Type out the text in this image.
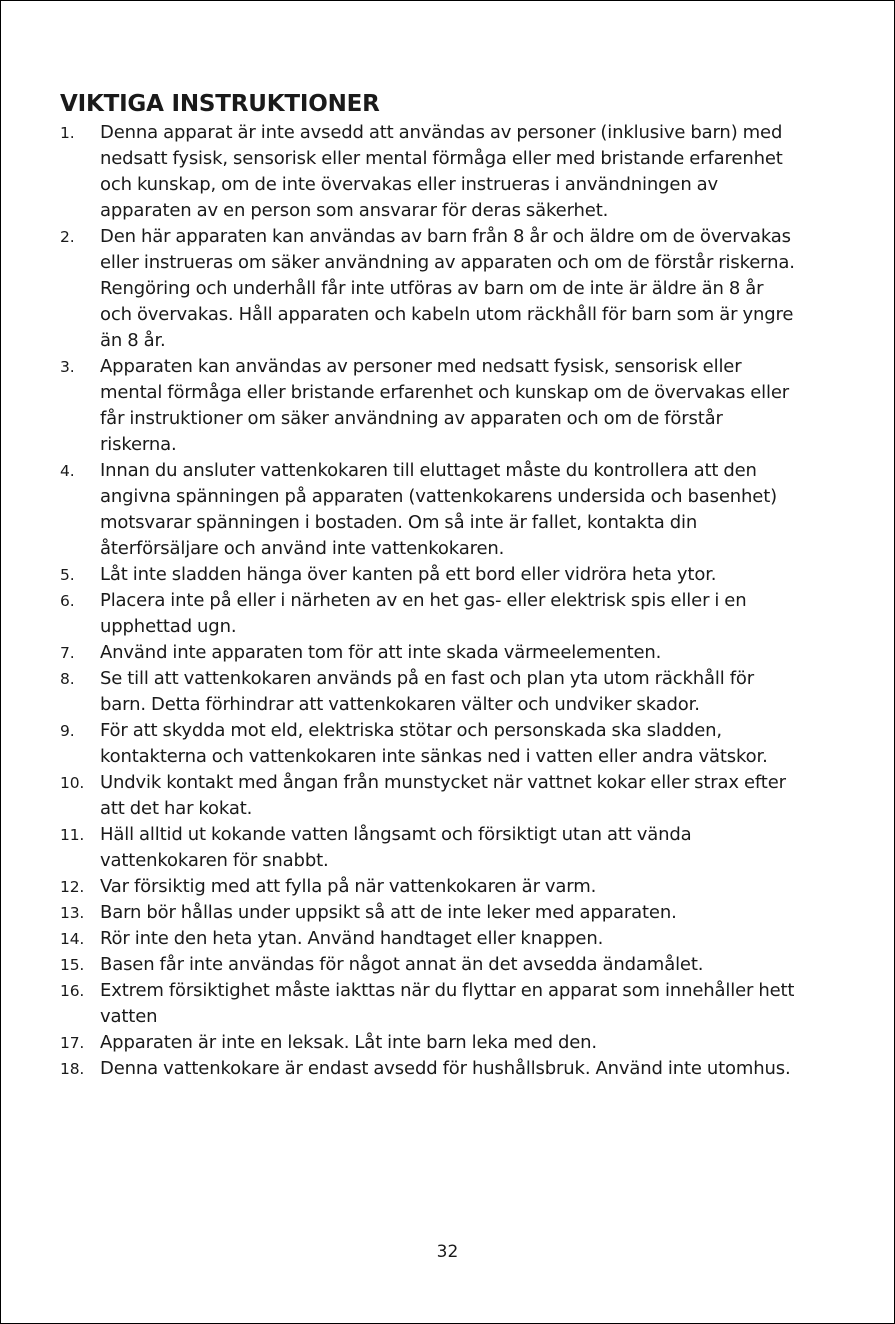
VIKTIGA INSTRUKTIONER
1.	Denna apparat är inte avsedd att användas av personer (inklusive barn) med nedsatt fysisk, sensorisk eller mental förmåga eller med bristande erfarenhet och kunskap, om de inte övervakas eller instrueras i användningen av apparaten av en person som ansvarar för deras säkerhet.
2.	Den här apparaten kan användas av barn från 8 år och äldre om de övervakas eller instrueras om säker användning av apparaten och om de förstår riskerna. Rengöring och underhåll får inte utföras av barn om de inte är äldre än 8 år och övervakas. Håll apparaten och kabeln utom räckhåll för barn som är yngre än 8 år.
3.	Apparaten kan användas av personer med nedsatt fysisk, sensorisk eller mental förmåga eller bristande erfarenhet och kunskap om de övervakas eller får instruktioner om säker användning av apparaten och om de förstår riskerna.
4.	Innan du ansluter vattenkokaren till eluttaget måste du kontrollera att den angivna spänningen på apparaten (vattenkokarens undersida och basenhet) motsvarar spänningen i bostaden. Om så inte är fallet, kontakta din återförsäljare och använd inte vattenkokaren.
5.	Låt inte sladden hänga över kanten på ett bord eller vidröra heta ytor.
6.	Placera inte på eller i närheten av en het gas- eller elektrisk spis eller i en upphettad ugn.
7.	Använd inte apparaten tom för att inte skada värmeelementen.
8.	Se till att vattenkokaren används på en fast och plan yta utom räckhåll för barn. Detta förhindrar att vattenkokaren välter och undviker skador.
9.	För att skydda mot eld, elektriska stötar och personskada ska sladden, kontakterna och vattenkokaren inte sänkas ned i vatten eller andra vätskor.
10. Undvik kontakt med ångan från munstycket när vattnet kokar eller strax efter att det har kokat.
11. Häll alltid ut kokande vatten långsamt och försiktigt utan att vända vattenkokaren för snabbt.
12. Var försiktig med att fylla på när vattenkokaren är varm.
13. Barn bör hållas under uppsikt så att de inte leker med apparaten.
14. Rör inte den heta ytan. Använd handtaget eller knappen.
15. Basen får inte användas för något annat än det avsedda ändamålet.
16. Extrem försiktighet måste iakttas när du flyttar en apparat som innehåller hett vatten
17. Apparaten är inte en leksak. Låt inte barn leka med den.
18. Denna vattenkokare är endast avsedd för hushållsbruk. Använd inte utomhus.
32
